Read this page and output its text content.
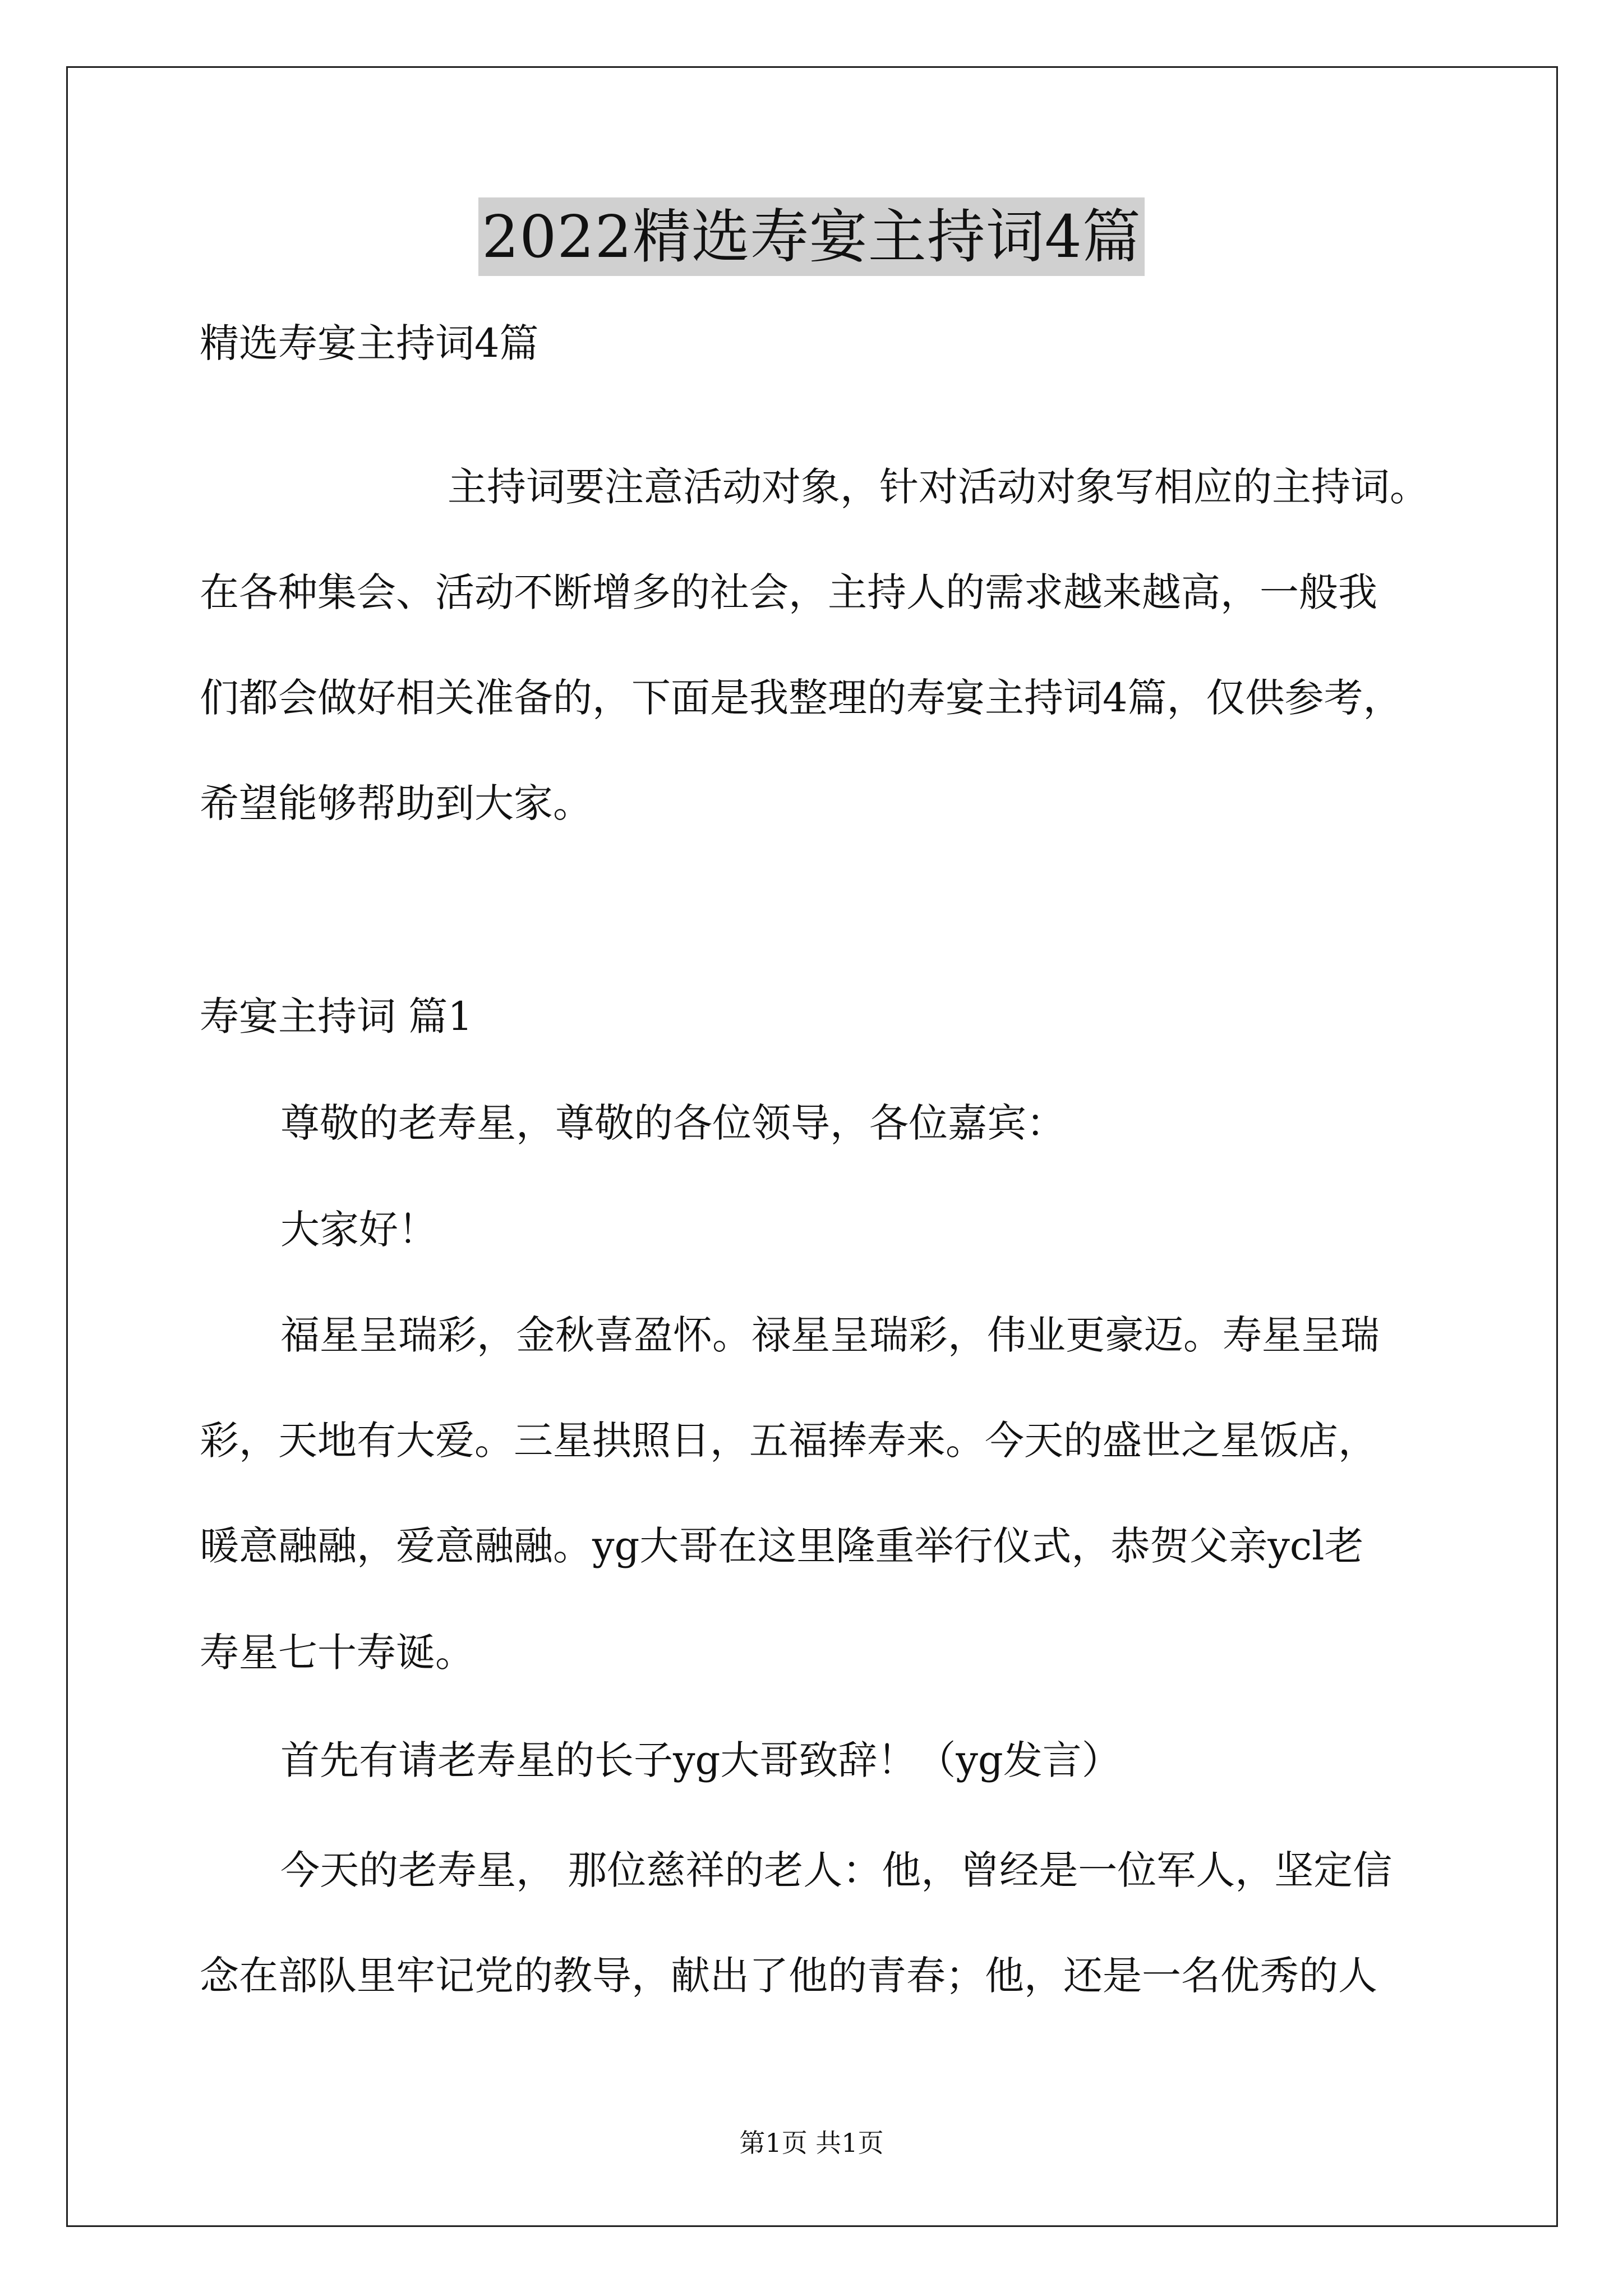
2022精选寿宴主持词4篇
精选寿宴主持词4篇
主持词要注意活动对象，针对活动对象写相应的主持词。
在各种集会、活动不断增多的社会，主持人的需求越来越高，一般我
们都会做好相关准备的，下面是我整理的寿宴主持词4篇，仅供参考，
希望能够帮助到大家。
寿宴主持词 篇1
尊敬的老寿星，尊敬的各位领导，各位嘉宾：
大家好！
福星呈瑞彩，金秋喜盈怀。禄星呈瑞彩，伟业更豪迈。寿星呈瑞
彩，天地有大爱。三星拱照日，五福捧寿来。今天的盛世之星饭店，
暖意融融，爱意融融。yg大哥在这里隆重举行仪式，恭贺父亲ycl老
寿星七十寿诞。
首先有请老寿星的长子yg大哥致辞！（yg发言）
今天的老寿星， 那位慈祥的老人：他，曾经是一位军人，坚定信
念在部队里牢记党的教导，献出了他的青春；他，还是一名优秀的人
第1页 共1页
